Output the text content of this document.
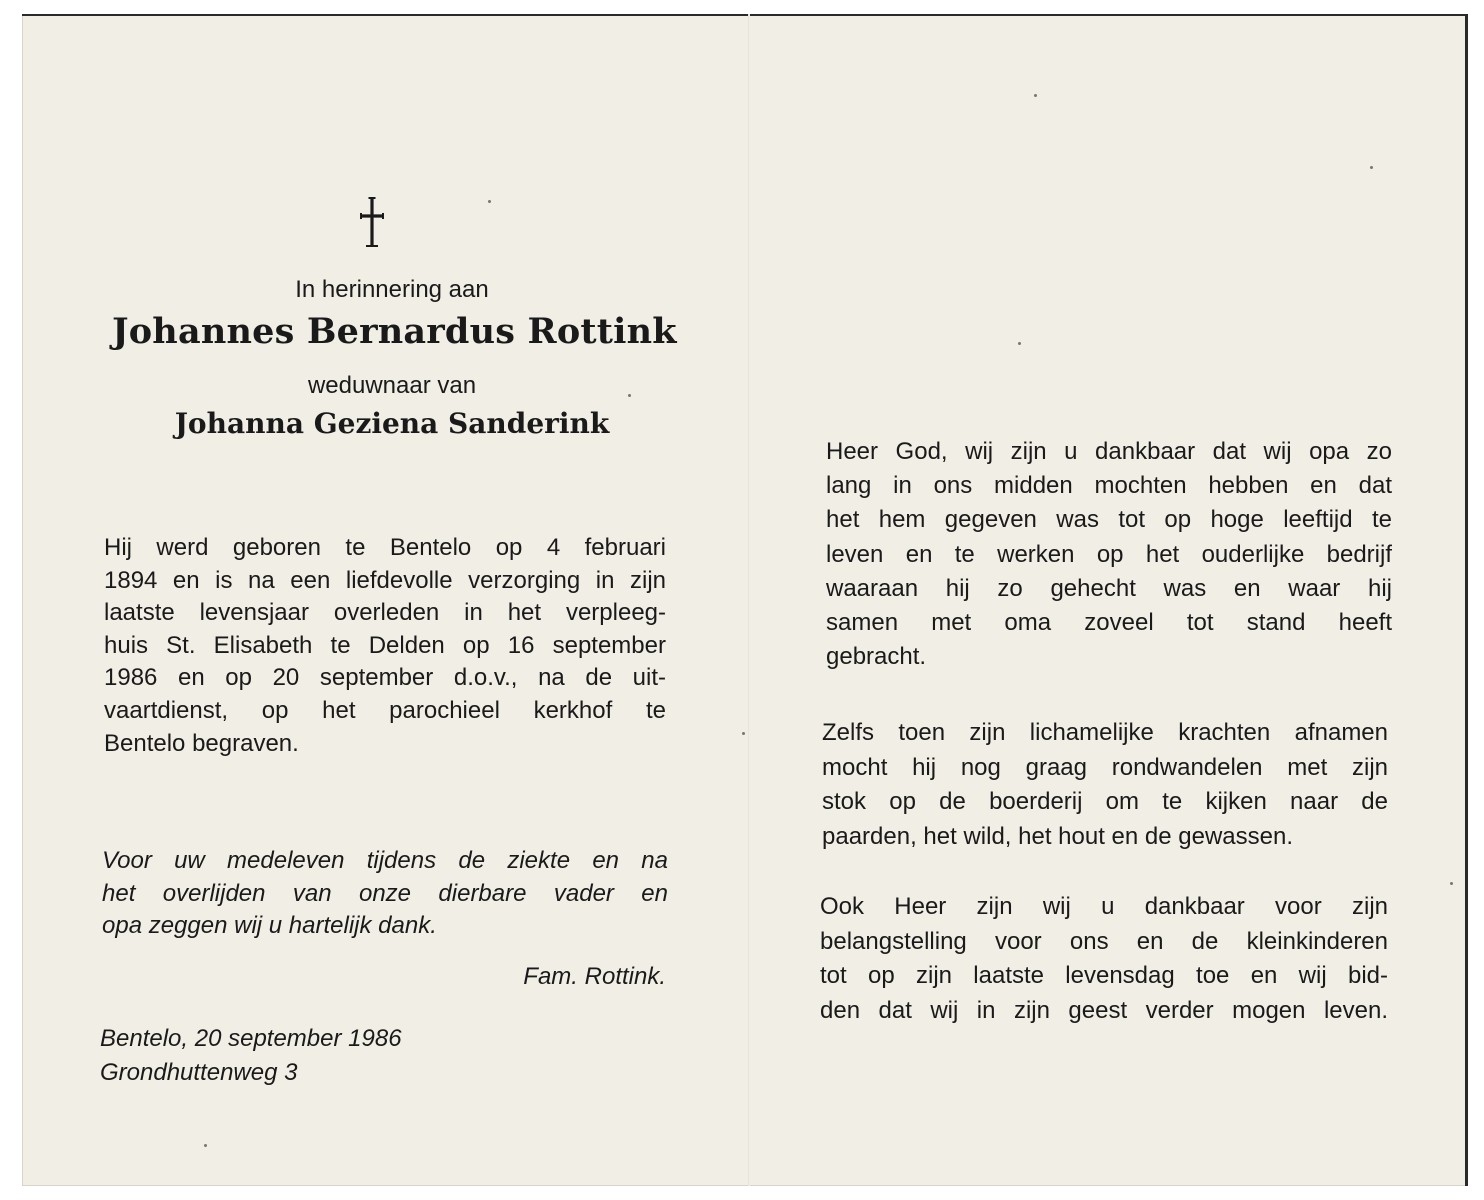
In herinnering aan

Johannes Bernardus Rottink

weduwnaar van

Johanna Geziena Sanderink

Hij werd geboren te Bentelo op 4 februari
1894 en is na een liefdevolle verzorging in zijn
laatste levensjaar overleden in het verpleeg-
huis St. Elisabeth te Delden op 16 september
1986 en op 20 september d.o.v., na de uit-
vaartdienst, op het parochieel kerkhof te
Bentelo begraven.
Voor uw medeleven tijdens de ziekte en na
het overlijden van onze dierbare vader en
opa zeggen wij u hartelijk dank.

Fam. Rottink.

Bentelo, 20 september 1986
Grondhuttenweg 3
Heer God, wij zijn u dankbaar dat wij opa zo
lang in ons midden mochten hebben en dat
het hem gegeven was tot op hoge leeftijd te
leven en te werken op het ouderlijke bedrijf
waaraan hij zo gehecht was en waar hij
samen met oma zoveel tot stand heeft
gebracht.
Zelfs toen zijn lichamelijke krachten afnamen
mocht hij nog graag rondwandelen met zijn
stok op de boerderij om te kijken naar de
paarden, het wild, het hout en de gewassen.
Ook Heer zijn wij u dankbaar voor zijn
belangstelling voor ons en de kleinkinderen
tot op zijn laatste levensdag toe en wij bid-
den dat wij in zijn geest verder mogen leven.
